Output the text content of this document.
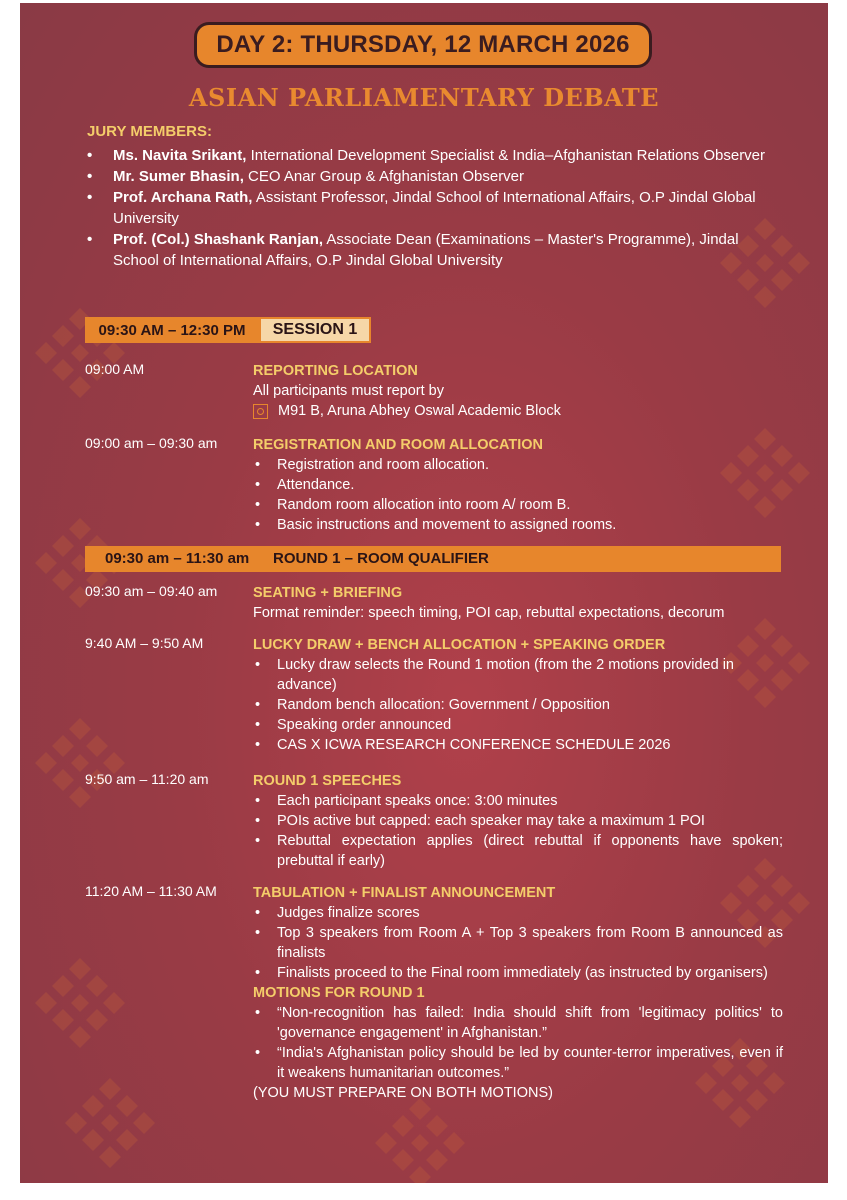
DAY 2: THURSDAY, 12 MARCH 2026
ASIAN PARLIAMENTARY DEBATE
JURY MEMBERS:
• Ms. Navita Srikant, International Development Specialist & India–Afghanistan Relations Observer
• Mr. Sumer Bhasin, CEO Anar Group & Afghanistan Observer
• Prof. Archana Rath, Assistant Professor, Jindal School of International Affairs, O.P Jindal Global University
• Prof. (Col.) Shashank Ranjan, Associate Dean (Examinations – Master's Programme), Jindal School of International Affairs, O.P Jindal Global University
09:30 AM – 12:30 PM	SESSION 1
09:00 AM	REPORTING LOCATION
All participants must report by
M91 B, Aruna Abhey Oswal Academic Block
09:00 am – 09:30 am	REGISTRATION AND ROOM ALLOCATION
• Registration and room allocation.
• Attendance.
• Random room allocation into room A/ room B.
• Basic instructions and movement to assigned rooms.
09:30 am – 11:30 am	ROUND 1 – ROOM QUALIFIER
09:30 am – 09:40 am	SEATING + BRIEFING
Format reminder: speech timing, POI cap, rebuttal expectations, decorum
9:40 AM – 9:50 AM	LUCKY DRAW + BENCH ALLOCATION + SPEAKING ORDER
• Lucky draw selects the Round 1 motion (from the 2 motions provided in advance)
• Random bench allocation: Government / Opposition
• Speaking order announced
• CAS X ICWA RESEARCH CONFERENCE SCHEDULE 2026
9:50 am – 11:20 am	ROUND 1 SPEECHES
• Each participant speaks once: 3:00 minutes
• POIs active but capped: each speaker may take a maximum 1 POI
• Rebuttal expectation applies (direct rebuttal if opponents have spoken; prebuttal if early)
11:20 AM – 11:30 AM	TABULATION + FINALIST ANNOUNCEMENT
• Judges finalize scores
• Top 3 speakers from Room A + Top 3 speakers from Room B announced as finalists
• Finalists proceed to the Final room immediately (as instructed by organisers)
MOTIONS FOR ROUND 1
• “Non-recognition has failed: India should shift from 'legitimacy politics' to 'governance engagement' in Afghanistan.”
• “India's Afghanistan policy should be led by counter-terror imperatives, even if it weakens humanitarian outcomes.”
(YOU MUST PREPARE ON BOTH MOTIONS)
